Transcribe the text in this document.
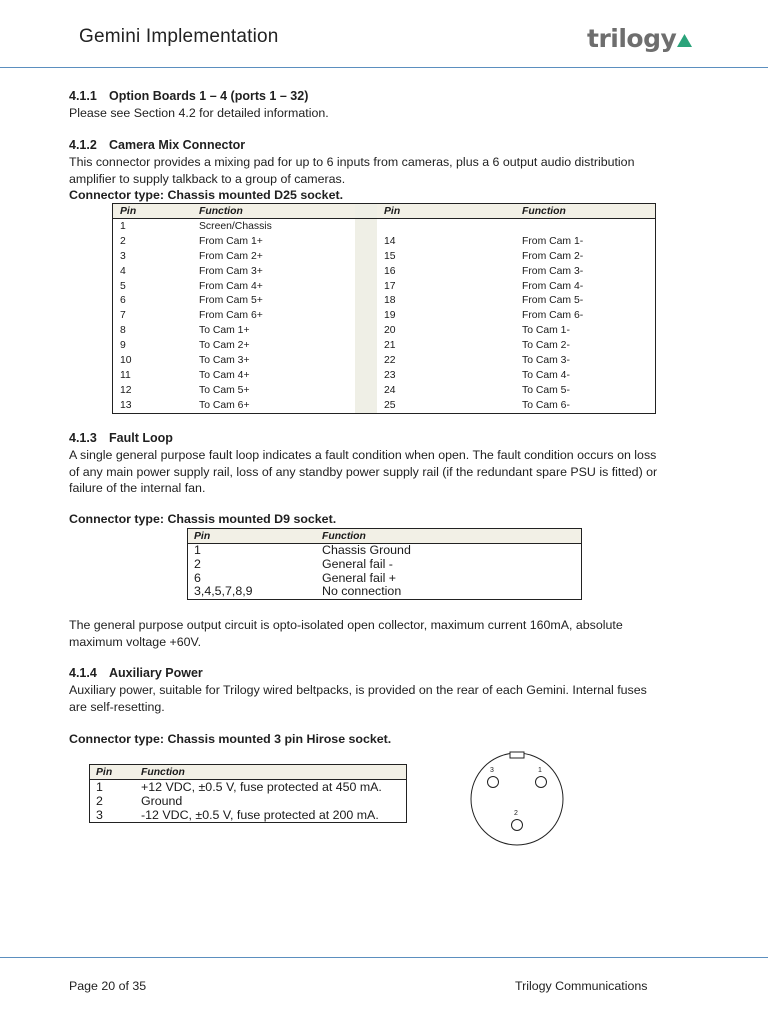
Gemini Implementation	trilogy
4.1.1 Option Boards 1 – 4 (ports 1 – 32)
Please see Section 4.2 for detailed information.
4.1.2 Camera Mix Connector
This connector provides a mixing pad for up to 6 inputs from cameras, plus a 6 output audio distribution
amplifier to supply talkback to a group of cameras.
Connector type: Chassis mounted D25 socket.
Pin	Function		Pin	Function
1	Screen/Chassis			
2	From Cam 1+		14	From Cam 1-
3	From Cam 2+		15	From Cam 2-
4	From Cam 3+		16	From Cam 3-
5	From Cam 4+		17	From Cam 4-
6	From Cam 5+		18	From Cam 5-
7	From Cam 6+		19	From Cam 6-
8	To Cam 1+		20	To Cam 1-
9	To Cam 2+		21	To Cam 2-
10	To Cam 3+		22	To Cam 3-
11	To Cam 4+		23	To Cam 4-
12	To Cam 5+		24	To Cam 5-
13	To Cam 6+		25	To Cam 6-
4.1.3 Fault Loop
A single general purpose fault loop indicates a fault condition when open. The fault condition occurs on loss
of any main power supply rail, loss of any standby power supply rail (if the redundant spare PSU is fitted) or
failure of the internal fan.
Connector type: Chassis mounted D9 socket.
Pin	Function
1	Chassis Ground
2	General fail -
6	General fail +
3,4,5,7,8,9	No connection
The general purpose output circuit is opto-isolated open collector, maximum current 160mA, absolute
maximum voltage +60V.
4.1.4 Auxiliary Power
Auxiliary power, suitable for Trilogy wired beltpacks, is provided on the rear of each Gemini. Internal fuses
are self-resetting.
Connector type: Chassis mounted 3 pin Hirose socket.
Pin	Function
1	+12 VDC, ±0.5 V, fuse protected at 450 mA.
2	Ground
3	-12 VDC, ±0.5 V, fuse protected at 200 mA.
3	1
2
Page 20 of 35	Trilogy Communications
